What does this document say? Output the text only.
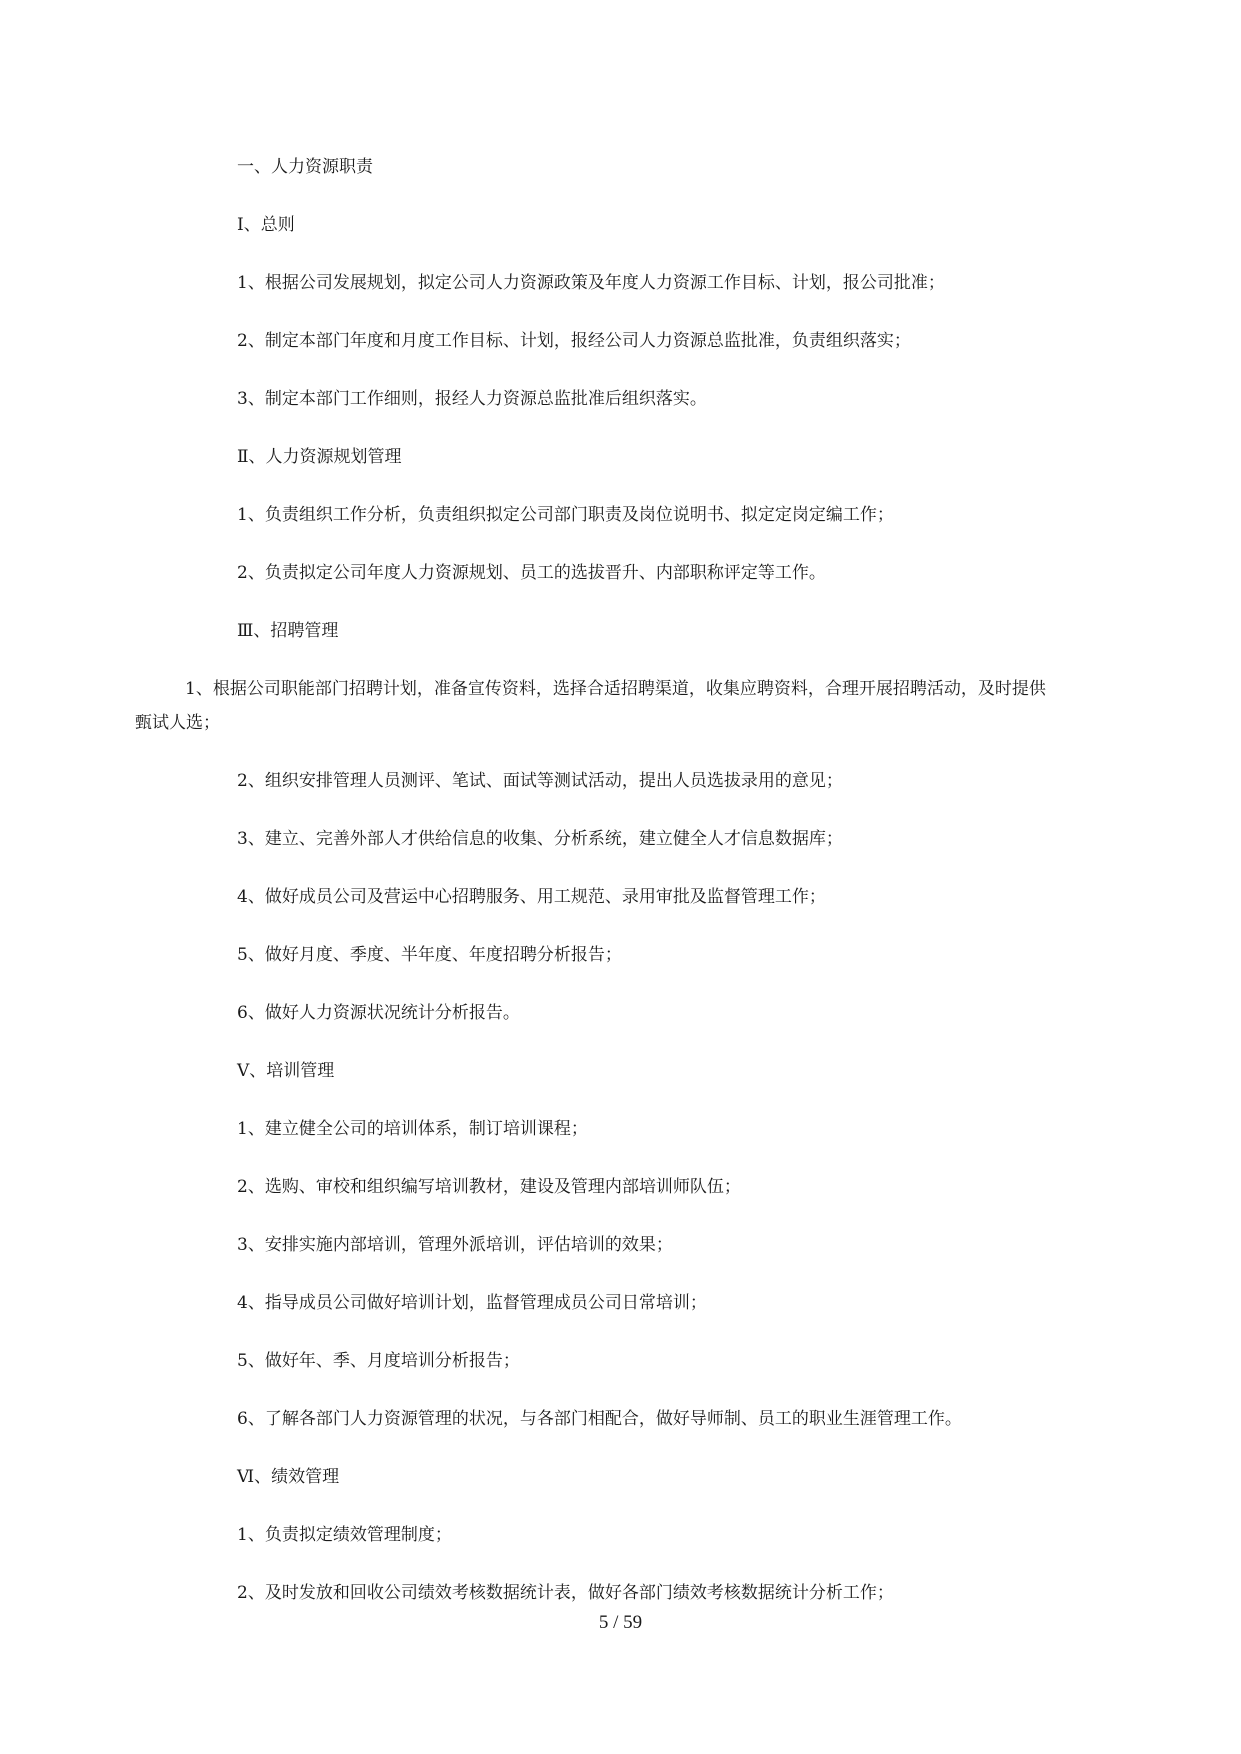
一、人力资源职责

Ⅰ、总则

1、根据公司发展规划，拟定公司人力资源政策及年度人力资源工作目标、计划，报公司批准；

2、制定本部门年度和月度工作目标、计划，报经公司人力资源总监批准，负责组织落实；

3、制定本部门工作细则，报经人力资源总监批准后组织落实。

Ⅱ、人力资源规划管理

1、负责组织工作分析，负责组织拟定公司部门职责及岗位说明书、拟定定岗定编工作；

2、负责拟定公司年度人力资源规划、员工的选拔晋升、内部职称评定等工作。

Ⅲ、招聘管理

1、根据公司职能部门招聘计划，准备宣传资料，选择合适招聘渠道，收集应聘资料，合理开展招聘活动，及时提供甄试人选；

2、组织安排管理人员测评、笔试、面试等测试活动，提出人员选拔录用的意见；

3、建立、完善外部人才供给信息的收集、分析系统，建立健全人才信息数据库；

4、做好成员公司及营运中心招聘服务、用工规范、录用审批及监督管理工作；

5、做好月度、季度、半年度、年度招聘分析报告；

6、做好人力资源状况统计分析报告。

Ⅴ、培训管理

1、建立健全公司的培训体系，制订培训课程；

2、选购、审校和组织编写培训教材，建设及管理内部培训师队伍；

3、安排实施内部培训，管理外派培训，评估培训的效果；

4、指导成员公司做好培训计划，监督管理成员公司日常培训；

5、做好年、季、月度培训分析报告；

6、了解各部门人力资源管理的状况，与各部门相配合，做好导师制、员工的职业生涯管理工作。

Ⅵ、绩效管理

1、负责拟定绩效管理制度；

2、及时发放和回收公司绩效考核数据统计表，做好各部门绩效考核数据统计分析工作；

5 / 59
